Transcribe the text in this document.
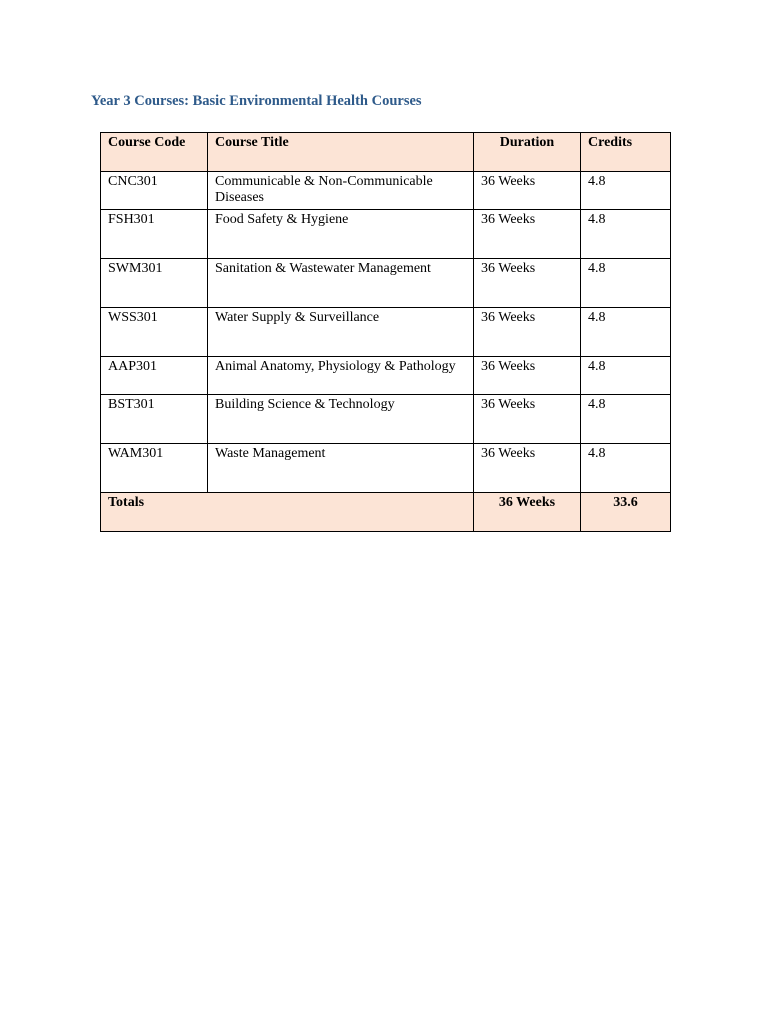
Year 3 Courses: Basic Environmental Health Courses
Course Code	Course Title	Duration	Credits
CNC301	Communicable & Non-Communicable Diseases	36 Weeks	4.8
FSH301	Food Safety & Hygiene	36 Weeks	4.8
SWM301	Sanitation & Wastewater Management	36 Weeks	4.8
WSS301	Water Supply & Surveillance	36 Weeks	4.8
AAP301	Animal Anatomy, Physiology & Pathology	36 Weeks	4.8
BST301	Building Science & Technology	36 Weeks	4.8
WAM301	Waste Management	36 Weeks	4.8
Totals		36 Weeks	33.6
